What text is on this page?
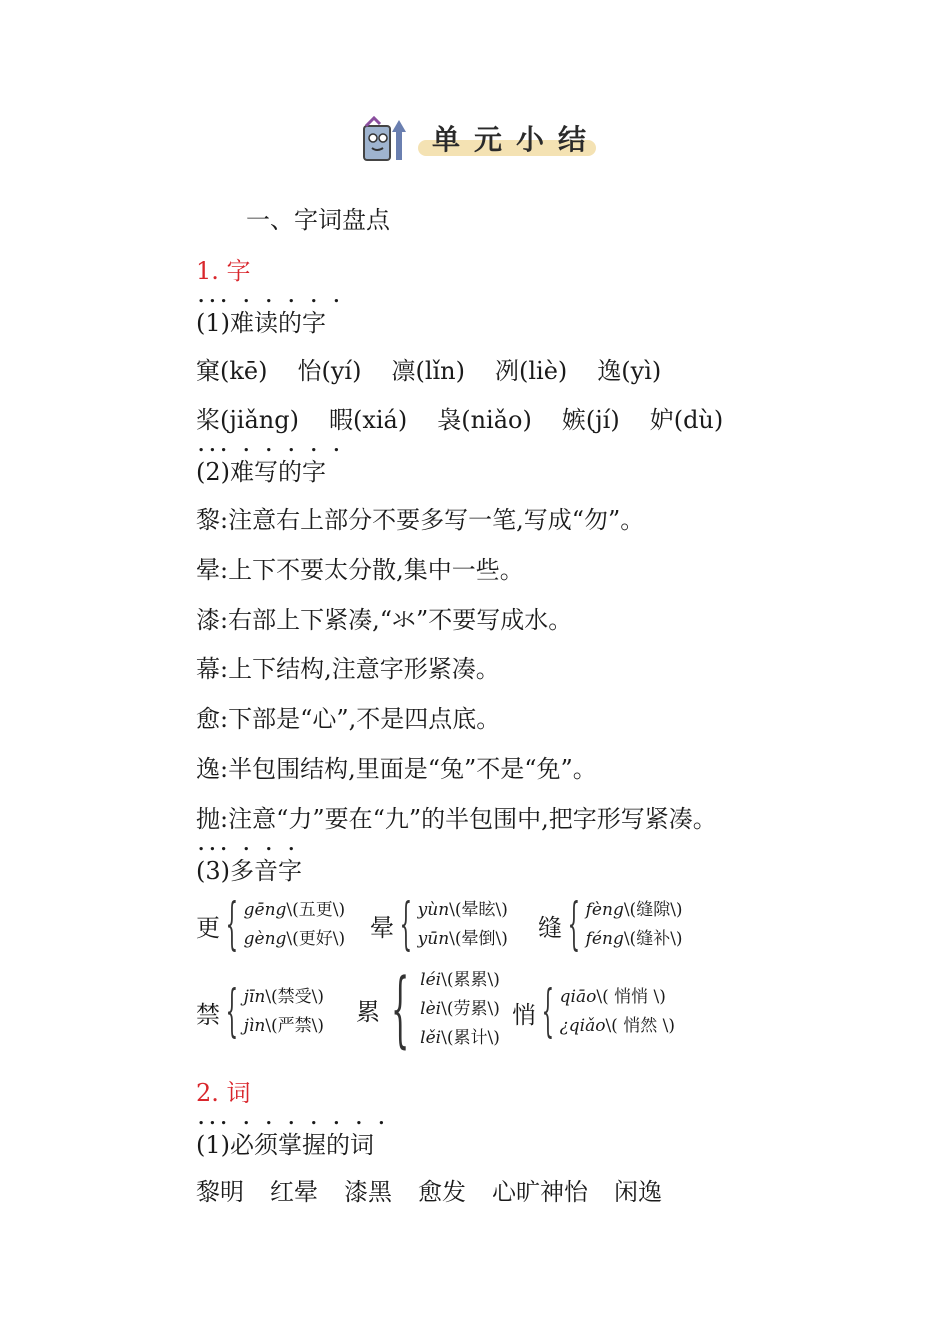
单元小结
一、字词盘点
1. 字
... . . . . .
(1)难读的字
窠(kē) 怡(yí) 凛(lǐn) 冽(liè) 逸(yì)
桨(jiǎng) 暇(xiá) 袅(niǎo) 嫉(jí) 妒(dù)
... . . . . .
(2)难写的字
黎:注意右上部分不要多写一笔,写成“勿”。
晕:上下不要太分散,集中一些。
漆:右部上下紧凑,“氺”不要写成水。
幕:上下结构,注意字形紧凑。
愈:下部是“心”,不是四点底。
逸:半包围结构,里面是“兔”不是“免”。
抛:注意“力”要在“九”的半包围中,把字形写紧凑。
... . . .
(3)多音字
更 { gēng\(五更\)
gèng\(更好\) 晕 { yùn\(晕眩\)
yūn\(晕倒\) 缝 { fèng\(缝隙\)
féng\(缝补\)
禁 { jīn\(禁受\)
jìn\(严禁\) 累 { léi\(累累\)
lèi\(劳累\)
lěi\(累计\)
悄 { qiāo\( 悄悄 \)
¿qiǎo\( 悄然 \)
2. 词
... . . . . . . .
(1)必须掌握的词
黎明 红晕 漆黑 愈发 心旷神怡 闲逸
